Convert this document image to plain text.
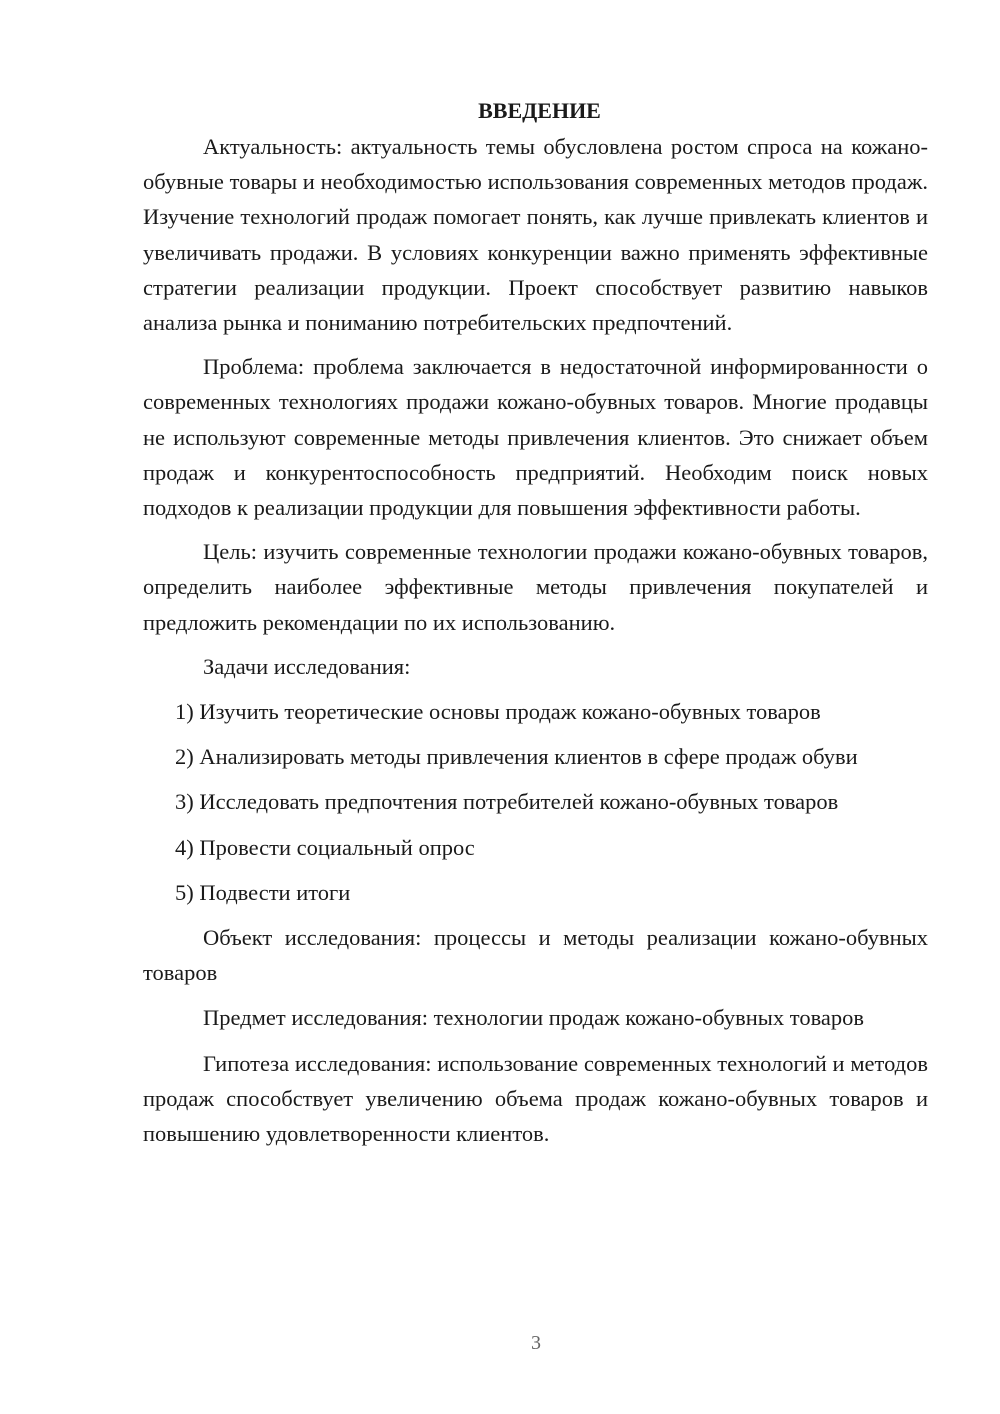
ВВЕДЕНИЕ

Актуальность: актуальность темы обусловлена ростом спроса на кожано-обувные товары и необходимостью использования современных методов продаж. Изучение технологий продаж помогает понять, как лучше привлекать клиентов и увеличивать продажи. В условиях конкуренции важно применять эффективные стратегии реализации продукции. Проект способствует развитию навыков анализа рынка и пониманию потребительских предпочтений.

Проблема: проблема заключается в недостаточной информированности о современных технологиях продажи кожано-обувных товаров. Многие продавцы не используют современные методы привлечения клиентов. Это снижает объем продаж и конкурентоспособность предприятий. Необходим поиск новых подходов к реализации продукции для повышения эффективности работы.

Цель: изучить современные технологии продажи кожано-обувных товаров, определить наиболее эффективные методы привлечения покупателей и предложить рекомендации по их использованию.

Задачи исследования:

1) Изучить теоретические основы продаж кожано-обувных товаров

2) Анализировать методы привлечения клиентов в сфере продаж обуви

3) Исследовать предпочтения потребителей кожано-обувных товаров

4) Провести социальный опрос

5) Подвести итоги

Объект исследования: процессы и методы реализации кожано-обувных товаров

Предмет исследования: технологии продаж кожано-обувных товаров

Гипотеза исследования: использование современных технологий и методов продаж способствует увеличению объема продаж кожано-обувных товаров и повышению удовлетворенности клиентов.

3
